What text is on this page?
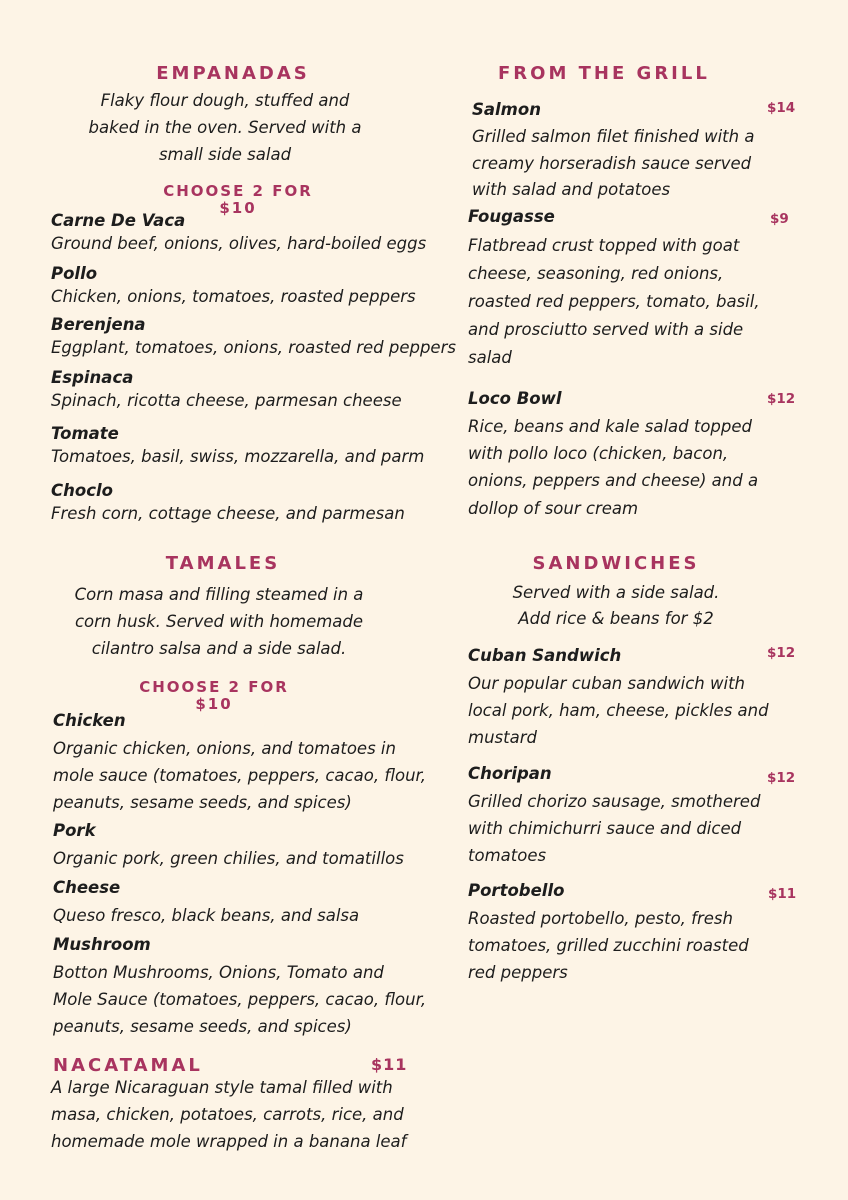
EMPANADAS
Flaky flour dough, stuffed and
baked in the oven. Served with a
small side salad
CHOOSE 2 FOR
$10
Carne De Vaca
Ground beef, onions, olives, hard-boiled eggs
Pollo
Chicken, onions, tomatoes, roasted peppers
Berenjena
Eggplant, tomatoes, onions, roasted red peppers
Espinaca
Spinach, ricotta cheese, parmesan cheese
Tomate
Tomatoes, basil, swiss, mozzarella, and parm
Choclo
Fresh corn, cottage cheese, and parmesan
TAMALES
Corn masa and filling steamed in a
corn husk. Served with homemade
cilantro salsa and a side salad.
CHOOSE 2 FOR
$10
Chicken
Organic chicken, onions, and tomatoes in
mole sauce (tomatoes, peppers, cacao, flour,
peanuts, sesame seeds, and spices)
Pork
Organic pork, green chilies, and tomatillos
Cheese
Queso fresco, black beans, and salsa
Mushroom
Botton Mushrooms, Onions, Tomato and
Mole Sauce (tomatoes, peppers, cacao, flour,
peanuts, sesame seeds, and spices)
NACATAMAL	$11
A large Nicaraguan style tamal filled with
masa, chicken, potatoes, carrots, rice, and
homemade mole wrapped in a banana leaf
FROM THE GRILL
Salmon	$14
Grilled salmon filet finished with a
creamy horseradish sauce served
with salad and potatoes
Fougasse	$9
Flatbread crust topped with goat
cheese, seasoning, red onions,
roasted red peppers, tomato, basil,
and prosciutto served with a side
salad
Loco Bowl	$12
Rice, beans and kale salad topped
with pollo loco (chicken, bacon,
onions, peppers and cheese) and a
dollop of sour cream
SANDWICHES
Served with a side salad.
Add rice & beans for $2
Cuban Sandwich	$12
Our popular cuban sandwich with
local pork, ham, cheese, pickles and
mustard
Choripan	$12
Grilled chorizo sausage, smothered
with chimichurri sauce and diced
tomatoes
Portobello	$11
Roasted portobello, pesto, fresh
tomatoes, grilled zucchini roasted
red peppers
